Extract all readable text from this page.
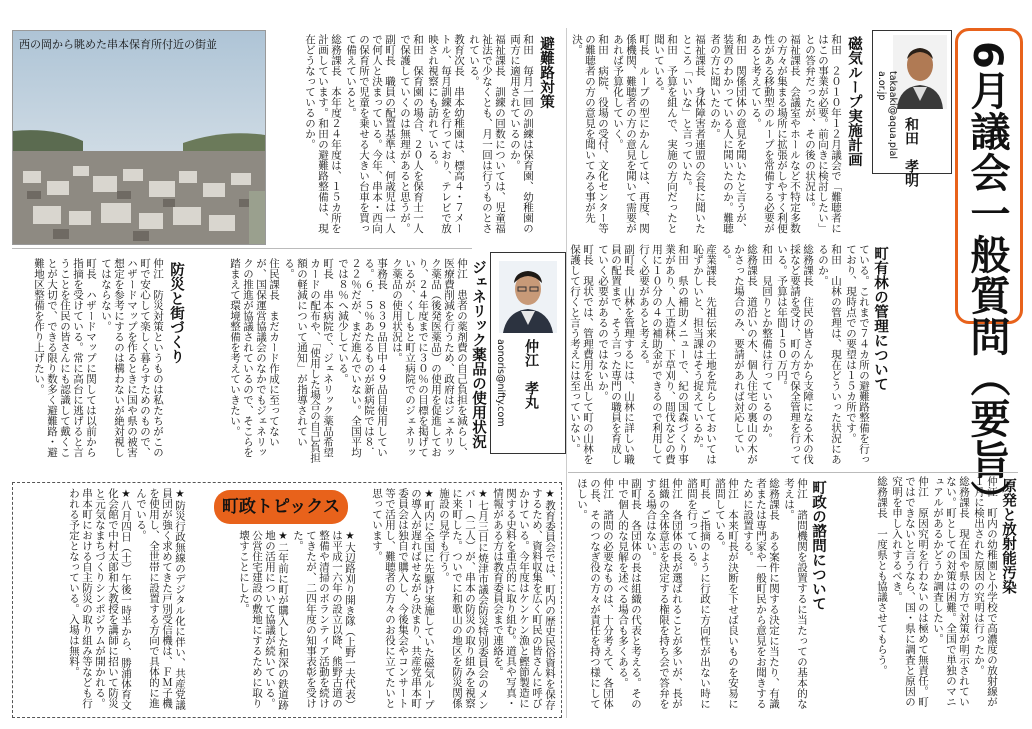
6月議会一般質問（要旨）
takaaki@aqua.plala.or.jp
和田　孝明
磁気ループ実施計画

和田　２０１０年１２月議会で「難聴者にはこの事業が必要。前向きに検討したい」との答弁だったが、その後の状況は。

福祉課長　会議室やホールなど不特定多数の方々が集まる場所に拡張がしやすく利便性がある移動型のループを常備する必要があると考えている。

和田　関係団体の意見を聞いたと言うが、装置のわかっている人に聞いたのか。難聴者の方に聞いたのか。

福祉課長　身体障害者連盟の会長に聞いたところ「いいな」と言っていた。

和田　予算を組んで、実施の方向だったと聞いている。

町長　ループの型にかんしては、再度、関係機関、難聴者の方の意見を聞いて需要があれば予算化していく。

和田　病院、役場の受付、文化センター等の難聴者の方の意見を聞いてみる事が先決。

避難路対策

和田　毎月一回の訓練は保育園、幼稚園の両方に適用されているのか。

福祉課長　訓練の回数については、児童福祉法で少なくとも、月一回は行うものとされている。

教育次長　串本幼稚園は、標高４・７メートル、毎月訓練を行っており、テレビで放映され視察にも訪れている。

和田　保育園の場合、２０人を保育士一人で保護していくのは無理があると思うが。

副町長　職員の配置基準は、何歳児は一人で何人と決まっている。今年、串本・西向の保育所で児童を乗せる大きい台車を買って備えていると。

総務課長　本年度２４年度は、１５カ所を計画しています。和田の避難路整備は、現在どうなっているのか。

西の岡から眺めた串本保育所付近の街並
町有林の管理について

ている。これまで７４カ所の避難路整備を行っており、現時点での要望は１５カ所です。

和田　山林の管理は、現在どういった状況にあるのか。

総務課長　住民の皆さんから支障になる木の伐採など要請を受け、町の方で保全管理を行っている。予算は年間１５０万円。

和田　見回りとか整備は行っているのか。

総務課長　道沿いの木、個人住宅の裏山の木がかさった場合のみ、要請があれば対応している。

産業課長　先祖伝来の土地を荒らしておいては恥ずかしいと、担当課はそう捉えているか。

和田　県の補助メニューで、紀の国森づくり事業があり、人工造林、下草刈り、間伐などの費用に１０分の４の補助金ができるので利用して行く必要があると考える。

副町長　山林を管理するには、山林に詳しい職員の配置まで、そう言った専門の職員を育成していく必要があるのではないか。

町長　現状では、管理費用を出して町の山林を保護して行くと言う考えには至っていない。

aonoris@nifty.com 仲江　孝丸
ジェネリック薬品の使用状況

仲江　患者の薬剤費の自己負担を減らし、医療費削減を行うため、政府はジェネリック薬品（後発医薬品）の使用を促進しており、２４年度までに３０％の目標を掲げているが、くしもと町立病院でのジェネリック薬品の使用状況は。

事務長　８３９品目中４９品目使用している。６．５％あたるものが新病院では８．２２％だが、まだ進んでいない。全国平均では８％へ減少している。

町長　串本病院で、ジェネリック薬品希望カードの配布や、「使用した場合の自己負担額の軽減について通知」が指導されている。

住民課長　まだカード作成に至ってないが、国保運営協議会のなかでもジェネリックの推進が協議されているので、そこらを踏まえて環境整備を考えていきたい。

防災と街づくり

仲江　防災対策というものは私たちがこの町で安心して楽しく暮らすためのもので、ハザードマップを作るときに国や県の被害想定を参考にするのは構わないが絶対視してはならない。

町長　ハザードマップに関しては以前から指摘を受けている。常に高台に逃げると言うことを住民の皆さんにも認識して戴くことが大切で、できる限り数多く避難路・避難地区整備を作り上げたい。

原発と放射能汚染

仲江　町内の幼稚園と小学校で高濃度の放射線が１月に検出された原因の究明は行ったか。

総務課長　現在国や県の方で対策が明示されていない。町としての対策は困難。全国で単独のマニュアルがあるかどうか調査したい。

仲江　原因究明を行わないのは極めて無責任。町ではできないと言うなら、国・県に調査と原因の究明を申し入れするべき。

総務課長　一度県とも協議させてもらう。

町政の諮問について

仲江　諮問機関を設置するに当たっての基本的な考えは。

総務課長　ある案件に関する決定に当たり、有識者または専門家や一般町民から意見をお聞きするために設置する。

仲江　本来町長が決断を下せば良いものを安易に諮問している。

町長　ご指摘のように行政に方向性が出ない時に諮問を行っている。

仲江　各団体の長が選ばれることが多いが、長が組織の全体意志を決定する権限を持ち会で答弁をする場合はない。

副町長　各団体の長は組織の代表と考える。その中で個人的な見解を述べる場合も多くある。

仲江　諮問の必要なものは、十分考えて、各団体の長、そのつなぎ役の方々が責任を持つ様にしてほしい。

町政トピックス	★教育委員会では、町内の歴史民俗資料を保存するため、資料収集を広く町民の皆さんに呼びかけている。今年度はケンケン漁と鰹節製造に関する史料を重点的に取り組む。道具や写真・情報がある方は教育委員会まで連絡を。

★七月三日に焼津市議会防災特別委員会のメンバー（二人）が、串本の防災の取り組みを視察に来町した。ついでに和歌山の地区を防災関係施設の見学も行う。

★町内に全国に先駆け実施していた磁気ループの導入が遅ればせながら決まり、共産党串本町委員会は独自で購入し、今後集会やコンサート等で活用し、難聴者の方々のお役に立てたいと思っています。

★大辺路刈り開き隊（上野一夫代表）は平成一六年の設立以降、熊野古道の整備や清掃のボランティア活動を続けてきたが、二四年度の知事表彰を受けた。

★二年前に町が購入した和深の鉄道跡地の活用について協議が続いている。公営住宅建設の敷地にするために取り壊すことにした。

★防災行政無線のデジタル化に伴い、共産党議員団が強く求めてきた戸別受信機は、ＦＭ子機を使用し、全世帯に設置する方向で具体的に進んでいる。

★八月四日（土）午後一時半から、勝浦体育文化会館で中村太郎和大教授を講師に招いて防災と元気なまちづくりシンポジウムが開かれる。串本町における自主防災の取り組み等なども行われる予定となっている。入場は無料。
